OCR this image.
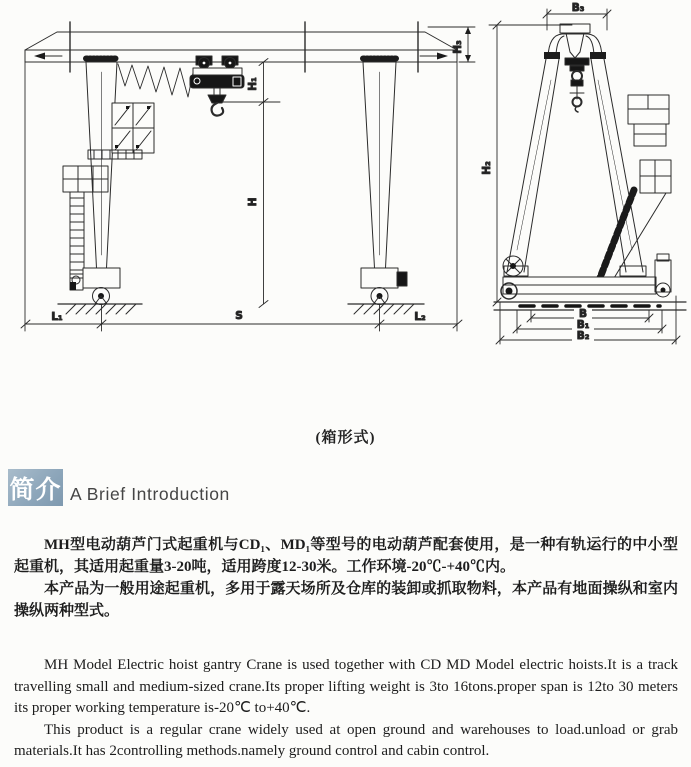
H₁
H
H₃
L₁	S	L₂
B₃
H₂
B
B₁
B₂
(箱形式)
简介 A Brief Introduction

MH型电动葫芦门式起重机与CD₁、MD₁等型号的电动葫芦配套使用，是一种有轨运行的中小型起重机，其适用起重量3-20吨，适用跨度12-30米。工作环境-20℃-+40℃内。

本产品为一般用途起重机，多用于露天场所及仓库的装卸或抓取物料，本产品有地面操纵和室内操纵两种型式。

MH Model Electric hoist gantry Crane is used together with CD MD Model electric hoists.It is a track travelling small and medium-sized crane.Its proper lifting weight is 3to 16tons.proper span is 12to 30 meters its proper working temperature is-20℃ to+40℃.

This product is a regular crane widely used at open ground and warehouses to load.unload or grab materials.It has 2controlling methods.namely ground control and cabin control.
